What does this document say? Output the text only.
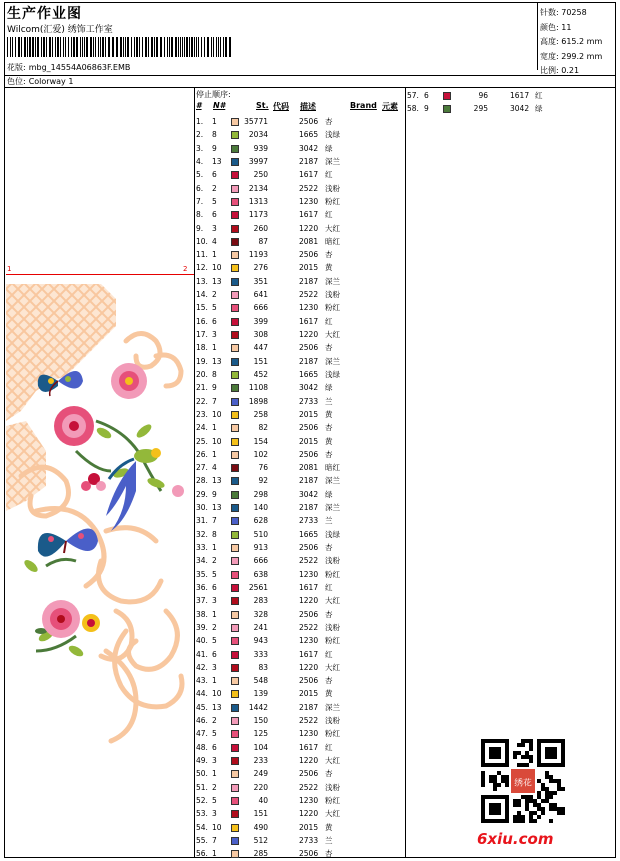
生产作业图
Wilcom(汇爱) 绣饰工作室
花版: mbg_14554A06863F.EMB
色位: Colorway 1
针数: 70258
颜色: 11
高度: 615.2 mm
宽度: 299.2 mm
比例: 0.21
1	2
停止顺序:
# N#	St. 代码 描述	Brand 元素
1. 1	35771	2506 杏
2. 8	2034	1665 浅绿
3. 9	939	3042 绿
4. 13	3997	2187 深兰
5. 6	250	1617 红
6. 2	2134	2522 浅粉
7. 5	1313	1230 粉红
8. 6	1173	1617 红
9. 3	260	1220 大红
10. 4	87	2081 暗红
11. 1	1193	2506 杏
12. 10	276	2015 黄
13. 13	351	2187 深兰
14. 2	641	2522 浅粉
15. 5	666	1230 粉红
16. 6	399	1617 红
17. 3	308	1220 大红
18. 1	447	2506 杏
19. 13	151	2187 深兰
20. 8	452	1665 浅绿
21. 9	1108	3042 绿
22. 7	1898	2733 兰
23. 10	258	2015 黄
24. 1	82	2506 杏
25. 10	154	2015 黄
26. 1	102	2506 杏
27. 4	76	2081 暗红
28. 13	92	2187 深兰
29. 9	298	3042 绿
30. 13	140	2187 深兰
31. 7	628	2733 兰
32. 8	510	1665 浅绿
33. 1	913	2506 杏
34. 2	666	2522 浅粉
35. 5	638	1230 粉红
36. 6	2561	1617 红
37. 3	283	1220 大红
38. 1	328	2506 杏
39. 2	241	2522 浅粉
40. 5	943	1230 粉红
41. 6	333	1617 红
42. 3	83	1220 大红
43. 1	548	2506 杏
44. 10	139	2015 黄
45. 13	1442	2187 深兰
46. 2	150	2522 浅粉
47. 5	125	1230 粉红
48. 6	104	1617 红
49. 3	233	1220 大红
50. 1	249	2506 杏
51. 2	220	2522 浅粉
52. 5	40	1230 粉红
53. 3	151	1220 大红
54. 10	490	2015 黄
55. 7	512	2733 兰
56. 1	285	2506 杏
57. 6	96	1617 红
58. 9	295	3042 绿
绣花
6xiu.com
